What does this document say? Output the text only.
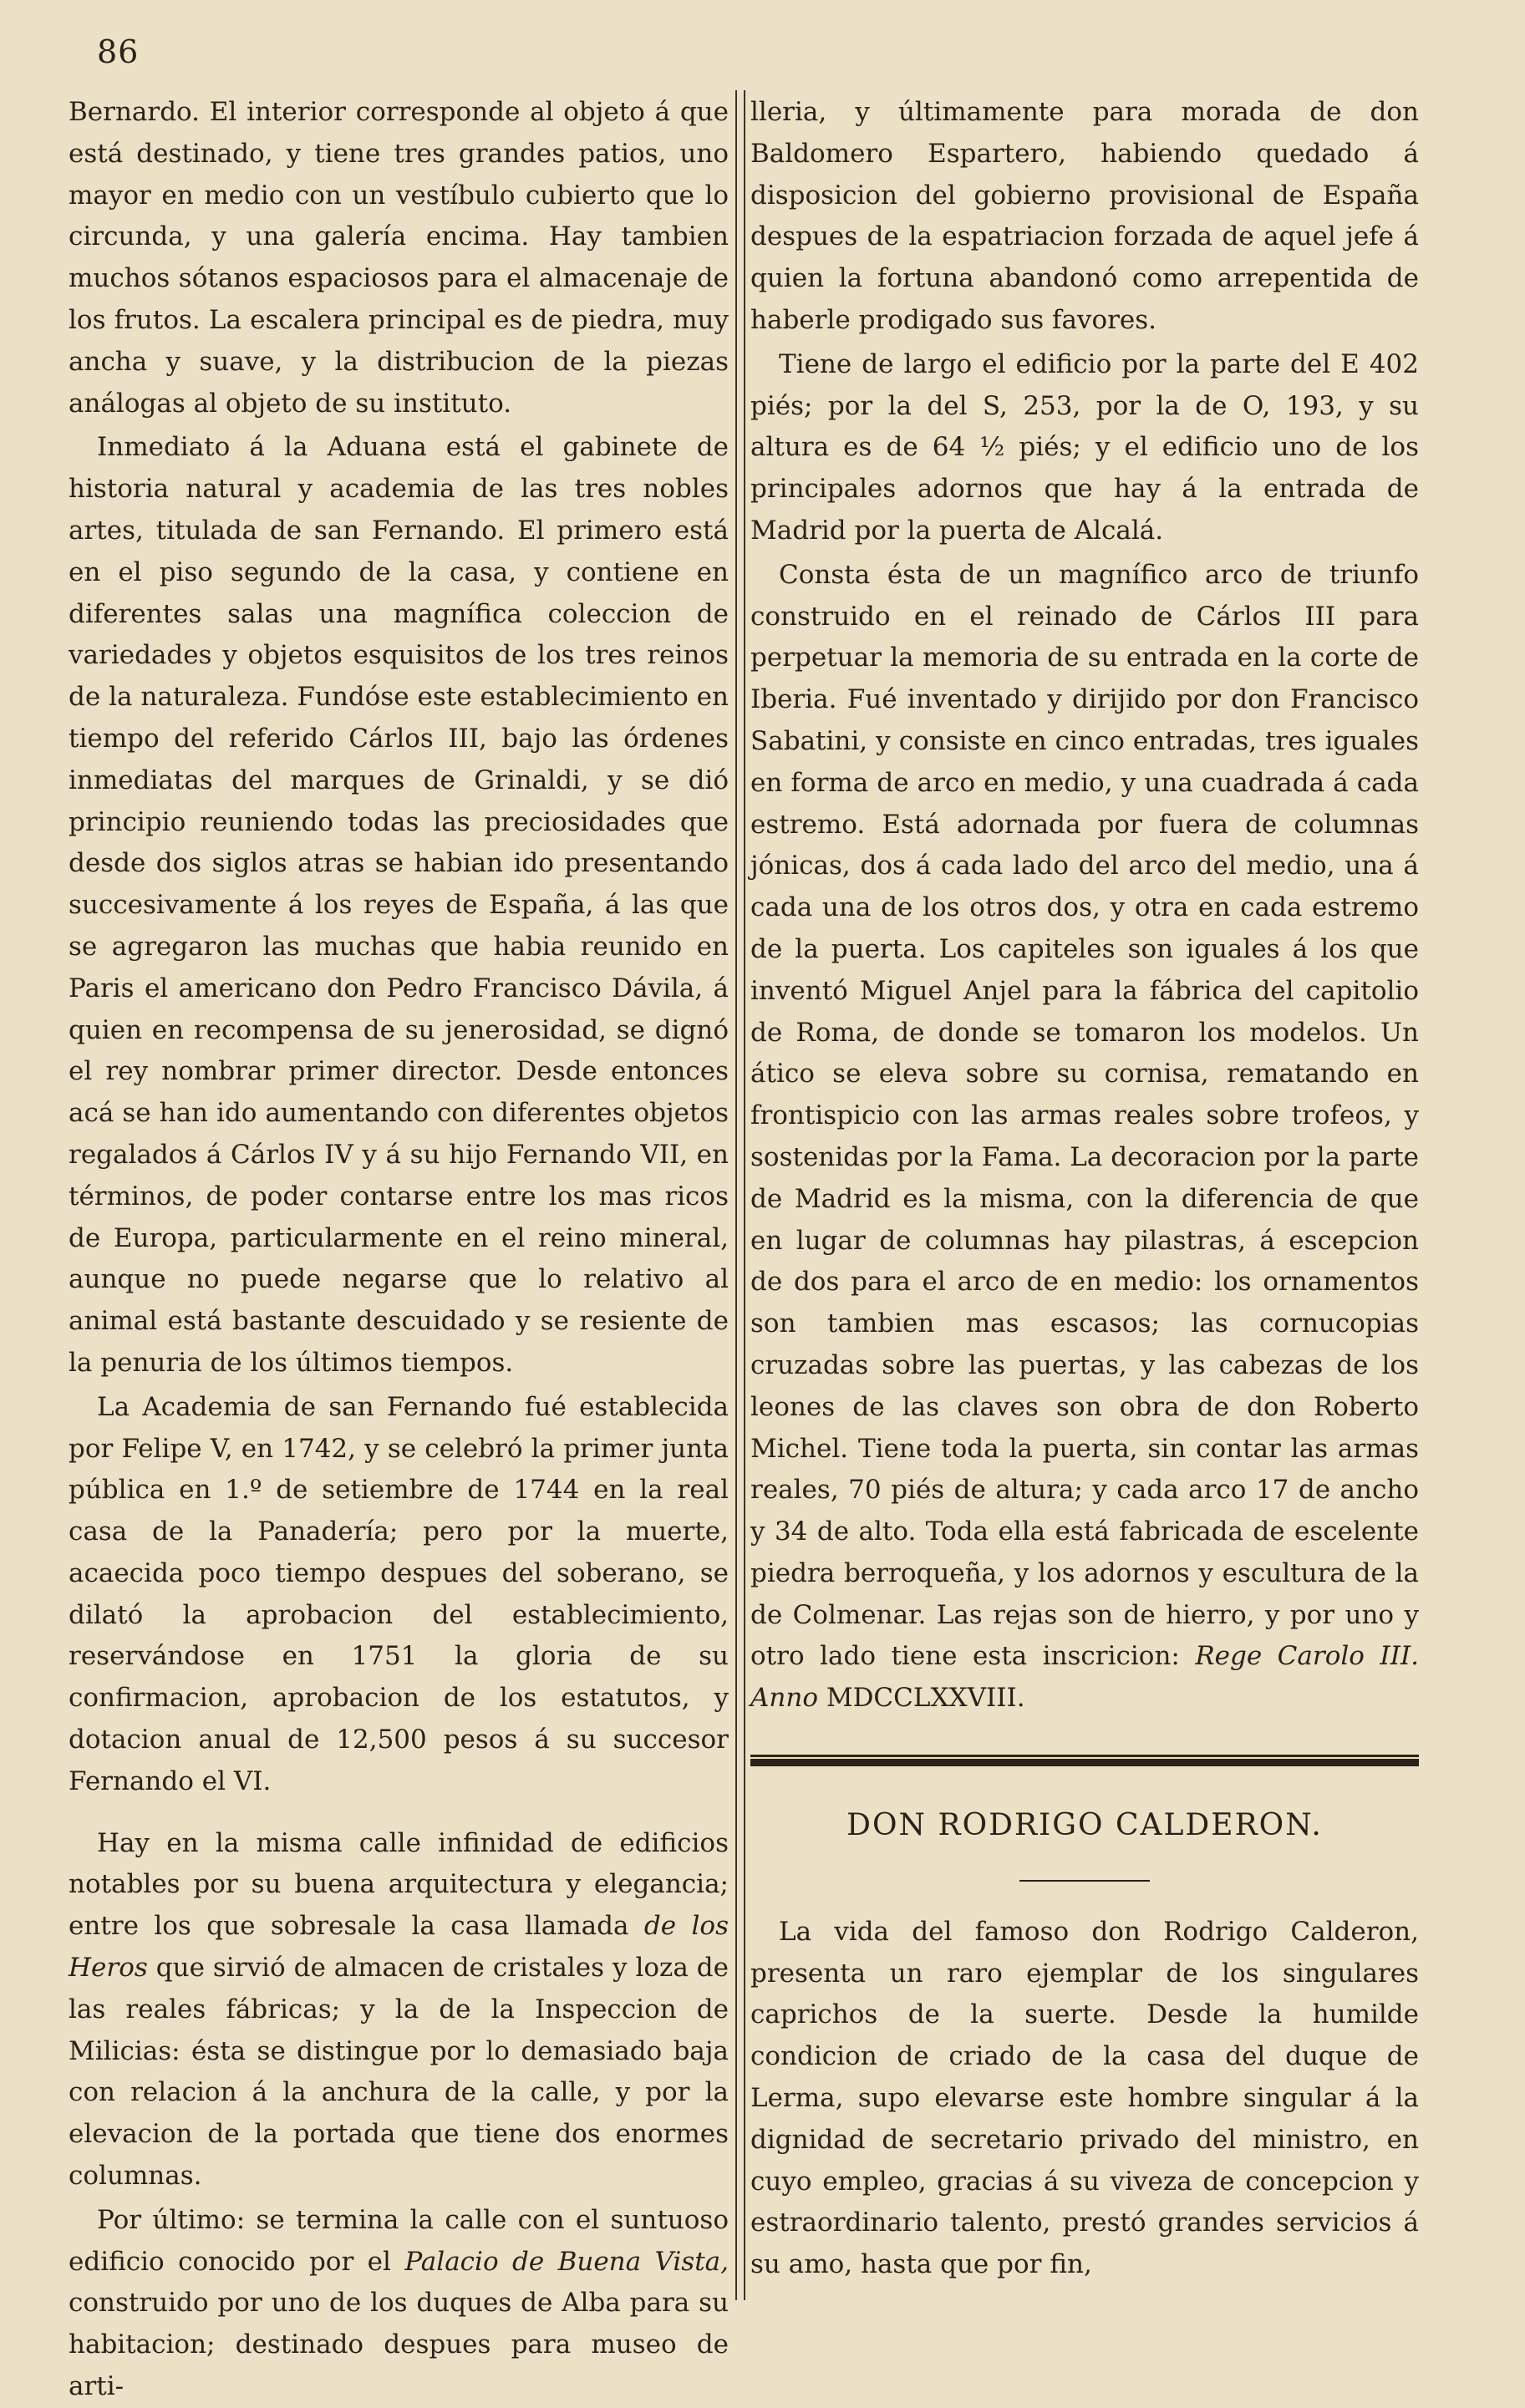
86

Bernardo. El interior corresponde al objeto á que está destinado, y tiene tres grandes patios, uno mayor en medio con un vestíbulo cubierto que lo circunda, y una galería encima. Hay tambien muchos sótanos espaciosos para el almacenaje de los frutos. La escalera principal es de piedra, muy ancha y suave, y la distribucion de la piezas análogas al objeto de su instituto.

Inmediato á la Aduana está el gabinete de historia natural y academia de las tres nobles artes, titulada de san Fernando. El primero está en el piso segundo de la casa, y contiene en diferentes salas una magnífica coleccion de variedades y objetos esquisitos de los tres reinos de la naturaleza. Fundóse este establecimiento en tiempo del referido Cárlos III, bajo las órdenes inmediatas del marques de Grinaldi, y se dió principio reuniendo todas las preciosidades que desde dos siglos atras se habian ido presentando succesivamente á los reyes de España, á las que se agregaron las muchas que habia reunido en Paris el americano don Pedro Francisco Dávila, á quien en recompensa de su jenerosidad, se dignó el rey nombrar primer director. Desde entonces acá se han ido aumentando con diferentes objetos regalados á Cárlos IV y á su hijo Fernando VII, en términos, de poder contarse entre los mas ricos de Europa, particularmente en el reino mineral, aunque no puede negarse que lo relativo al animal está bastante descuidado y se resiente de la penuria de los últimos tiempos.

La Academia de san Fernando fué establecida por Felipe V, en 1742, y se celebró la primer junta pública en 1.º de setiembre de 1744 en la real casa de la Panadería; pero por la muerte, acaecida poco tiempo despues del soberano, se dilató la aprobacion del establecimiento, reservándose en 1751 la gloria de su confirmacion, aprobacion de los estatutos, y dotacion anual de 12,500 pesos á su succesor Fernando el VI.

Hay en la misma calle infinidad de edificios notables por su buena arquitectura y elegancia; entre los que sobresale la casa llamada de los Heros que sirvió de almacen de cristales y loza de las reales fábricas; y la de la Inspeccion de Milicias: ésta se distingue por lo demasiado baja con relacion á la anchura de la calle, y por la elevacion de la portada que tiene dos enormes columnas.

Por último: se termina la calle con el suntuoso edificio conocido por el Palacio de Buena Vista, construido por uno de los duques de Alba para su habitacion; destinado despues para museo de arti-

lleria, y últimamente para morada de don Baldomero Espartero, habiendo quedado á disposicion del gobierno provisional de España despues de la espatriacion forzada de aquel jefe á quien la fortuna abandonó como arrepentida de haberle prodigado sus favores.

Tiene de largo el edificio por la parte del E 402 piés; por la del S, 253, por la de O, 193, y su altura es de 64 ½ piés; y el edificio uno de los principales adornos que hay á la entrada de Madrid por la puerta de Alcalá.

Consta ésta de un magnífico arco de triunfo construido en el reinado de Cárlos III para perpetuar la memoria de su entrada en la corte de Iberia. Fué inventado y dirijido por don Francisco Sabatini, y consiste en cinco entradas, tres iguales en forma de arco en medio, y una cuadrada á cada estremo. Está adornada por fuera de columnas jónicas, dos á cada lado del arco del medio, una á cada una de los otros dos, y otra en cada estremo de la puerta. Los capiteles son iguales á los que inventó Miguel Anjel para la fábrica del capitolio de Roma, de donde se tomaron los modelos. Un ático se eleva sobre su cornisa, rematando en frontispicio con las armas reales sobre trofeos, y sostenidas por la Fama. La decoracion por la parte de Madrid es la misma, con la diferencia de que en lugar de columnas hay pilastras, á escepcion de dos para el arco de en medio: los ornamentos son tambien mas escasos; las cornucopias cruzadas sobre las puertas, y las cabezas de los leones de las claves son obra de don Roberto Michel. Tiene toda la puerta, sin contar las armas reales, 70 piés de altura; y cada arco 17 de ancho y 34 de alto. Toda ella está fabricada de escelente piedra berroqueña, y los adornos y escultura de la de Colmenar. Las rejas son de hierro, y por uno y otro lado tiene esta inscricion: Rege Carolo III. Anno MDCCLXXVIII.

DON RODRIGO CALDERON.

La vida del famoso don Rodrigo Calderon, presenta un raro ejemplar de los singulares caprichos de la suerte. Desde la humilde condicion de criado de la casa del duque de Lerma, supo elevarse este hombre singular á la dignidad de secretario privado del ministro, en cuyo empleo, gracias á su viveza de concepcion y estraordinario talento, prestó grandes servicios á su amo, hasta que por fin,
